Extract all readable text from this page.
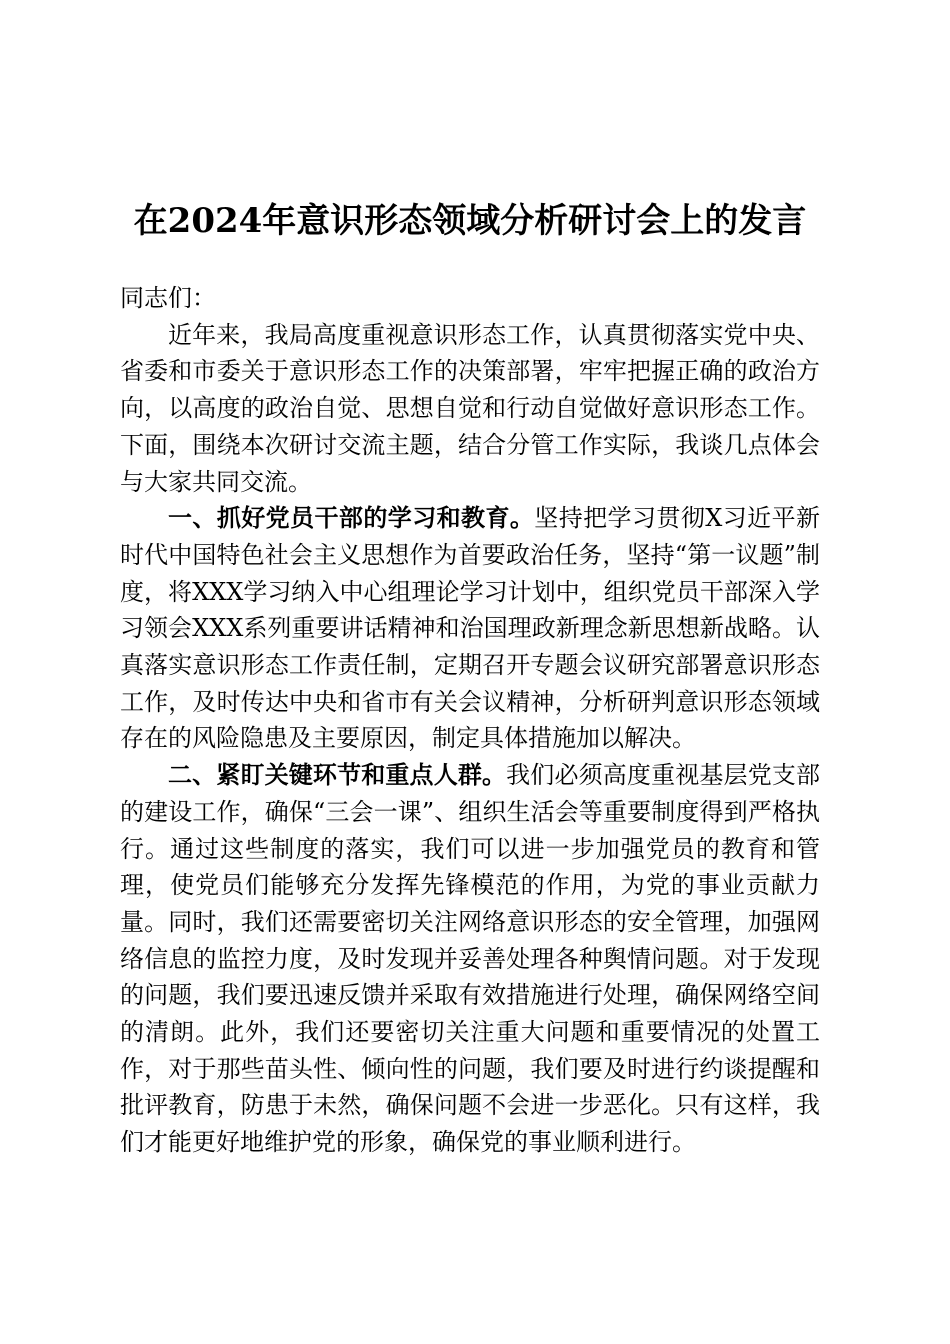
在2024年意识形态领域分析研讨会上的发言

同志们：

近年来，我局高度重视意识形态工作，认真贯彻落实党中央、省委和市委关于意识形态工作的决策部署，牢牢把握正确的政治方向，以高度的政治自觉、思想自觉和行动自觉做好意识形态工作。下面，围绕本次研讨交流主题，结合分管工作实际，我谈几点体会与大家共同交流。

一、抓好党员干部的学习和教育。坚持把学习贯彻X习近平新时代中国特色社会主义思想作为首要政治任务，坚持“第一议题”制度，将XXX学习纳入中心组理论学习计划中，组织党员干部深入学习领会XXX系列重要讲话精神和治国理政新理念新思想新战略。认真落实意识形态工作责任制，定期召开专题会议研究部署意识形态工作，及时传达中央和省市有关会议精神，分析研判意识形态领域存在的风险隐患及主要原因，制定具体措施加以解决。

二、紧盯关键环节和重点人群。我们必须高度重视基层党支部的建设工作，确保“三会一课”、组织生活会等重要制度得到严格执行。通过这些制度的落实，我们可以进一步加强党员的教育和管理，使党员们能够充分发挥先锋模范的作用，为党的事业贡献力量。同时，我们还需要密切关注网络意识形态的安全管理，加强网络信息的监控力度，及时发现并妥善处理各种舆情问题。对于发现的问题，我们要迅速反馈并采取有效措施进行处理，确保网络空间的清朗。此外，我们还要密切关注重大问题和重要情况的处置工作，对于那些苗头性、倾向性的问题，我们要及时进行约谈提醒和批评教育，防患于未然，确保问题不会进一步恶化。只有这样，我们才能更好地维护党的形象，确保党的事业顺利进行。
